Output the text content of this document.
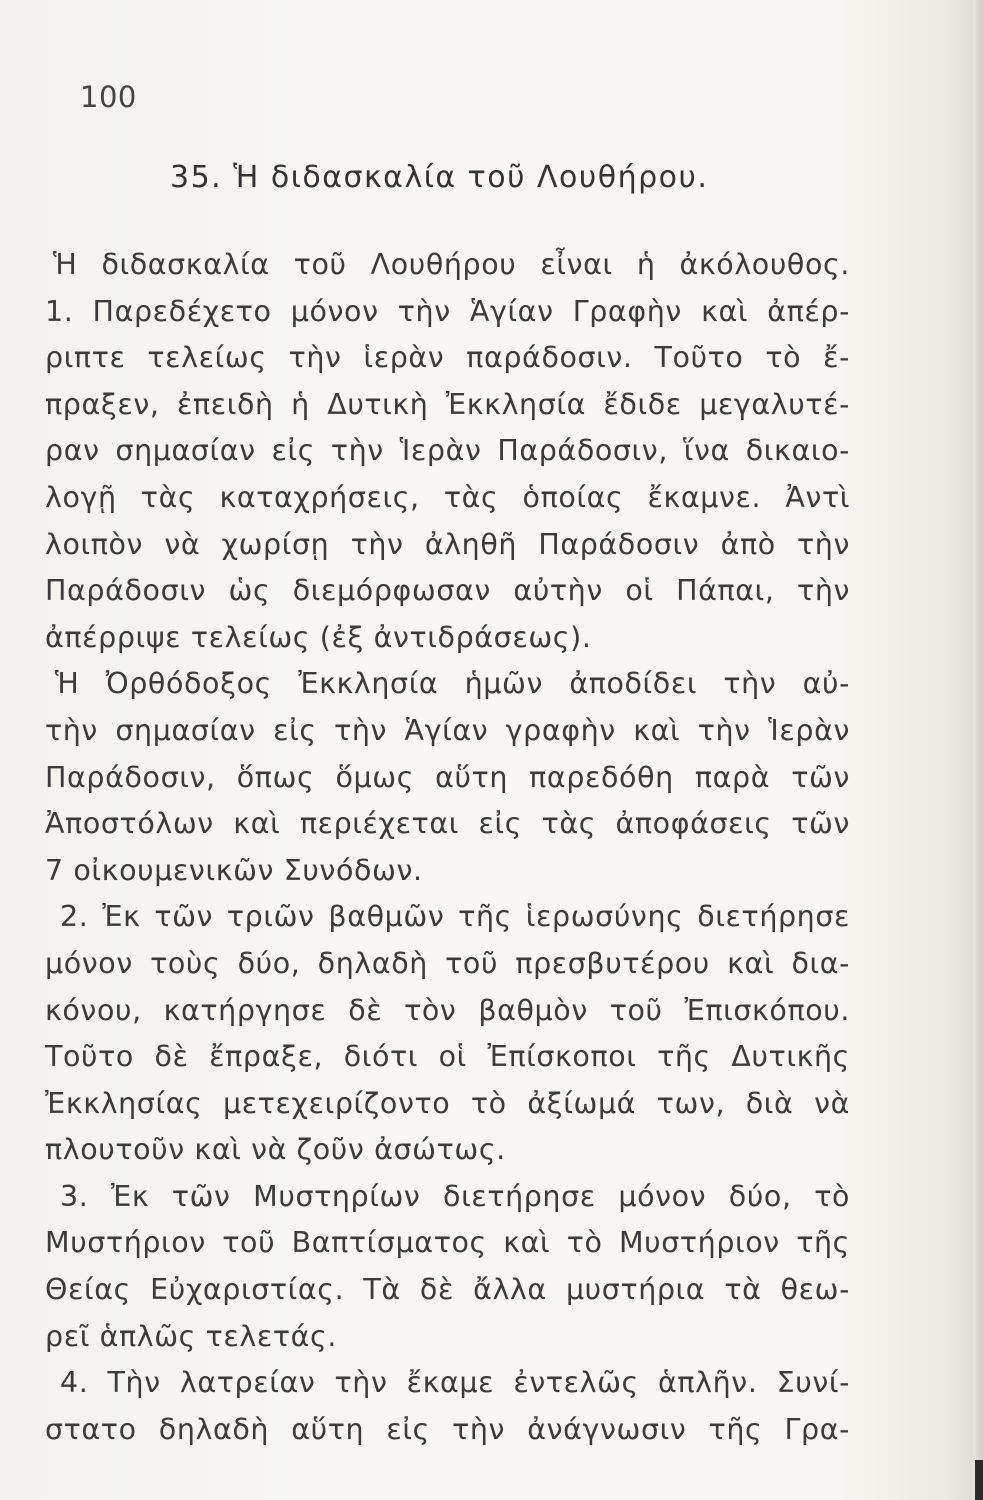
100
35. Ἡ διδασκαλία τοῦ Λουθήρου.
Ἡ διδασκαλία τοῦ Λουθήρου εἶναι ἡ ἀκόλουθος.
1. Παρεδέχετο μόνον τὴν Ἁγίαν Γραφὴν καὶ ἀπέρ-
ριπτε τελείως τὴν ἱερὰν παράδοσιν. Τοῦτο τὸ ἔ-
πραξεν, ἐπειδὴ ἡ Δυτικὴ Ἐκκλησία ἔδιδε μεγαλυτέ-
ραν σημασίαν εἰς τὴν Ἱερὰν Παράδοσιν, ἵνα δικαιο-
λογῇ τὰς καταχρήσεις, τὰς ὁποίας ἔκαμνε. Ἀντὶ
λοιπὸν νὰ χωρίσῃ τὴν ἀληθῆ Παράδοσιν ἀπὸ τὴν
Παράδοσιν ὡς διεμόρφωσαν αὐτὴν οἱ Πάπαι, τὴν
ἀπέρριψε τελείως (ἐξ ἀντιδράσεως).
Ἡ Ὀρθόδοξος Ἐκκλησία ἡμῶν ἀποδίδει τὴν αὐ-
τὴν σημασίαν εἰς τὴν Ἁγίαν γραφὴν καὶ τὴν Ἱερὰν
Παράδοσιν, ὅπως ὅμως αὕτη παρεδόθη παρὰ τῶν
Ἀποστόλων καὶ περιέχεται εἰς τὰς ἀποφάσεις τῶν
7 οἰκουμενικῶν Συνόδων.
2. Ἐκ τῶν τριῶν βαθμῶν τῆς ἱερωσύνης διετήρησε
μόνον τοὺς δύο, δηλαδὴ τοῦ πρεσβυτέρου καὶ δια-
κόνου, κατήργησε δὲ τὸν βαθμὸν τοῦ Ἐπισκόπου.
Τοῦτο δὲ ἔπραξε, διότι οἱ Ἐπίσκοποι τῆς Δυτικῆς
Ἐκκλησίας μετεχειρίζοντο τὸ ἀξίωμά των, διὰ νὰ
πλουτοῦν καὶ νὰ ζοῦν ἀσώτως.
3. Ἐκ τῶν Μυστηρίων διετήρησε μόνον δύο, τὸ
Μυστήριον τοῦ Βαπτίσματος καὶ τὸ Μυστήριον τῆς
Θείας Εὐχαριστίας. Τὰ δὲ ἄλλα μυστήρια τὰ θεω-
ρεῖ ἁπλῶς τελετάς.
4. Τὴν λατρείαν τὴν ἔκαμε ἐντελῶς ἁπλῆν. Συνί-
στατο δηλαδὴ αὕτη εἰς τὴν ἀνάγνωσιν τῆς Γρα-
